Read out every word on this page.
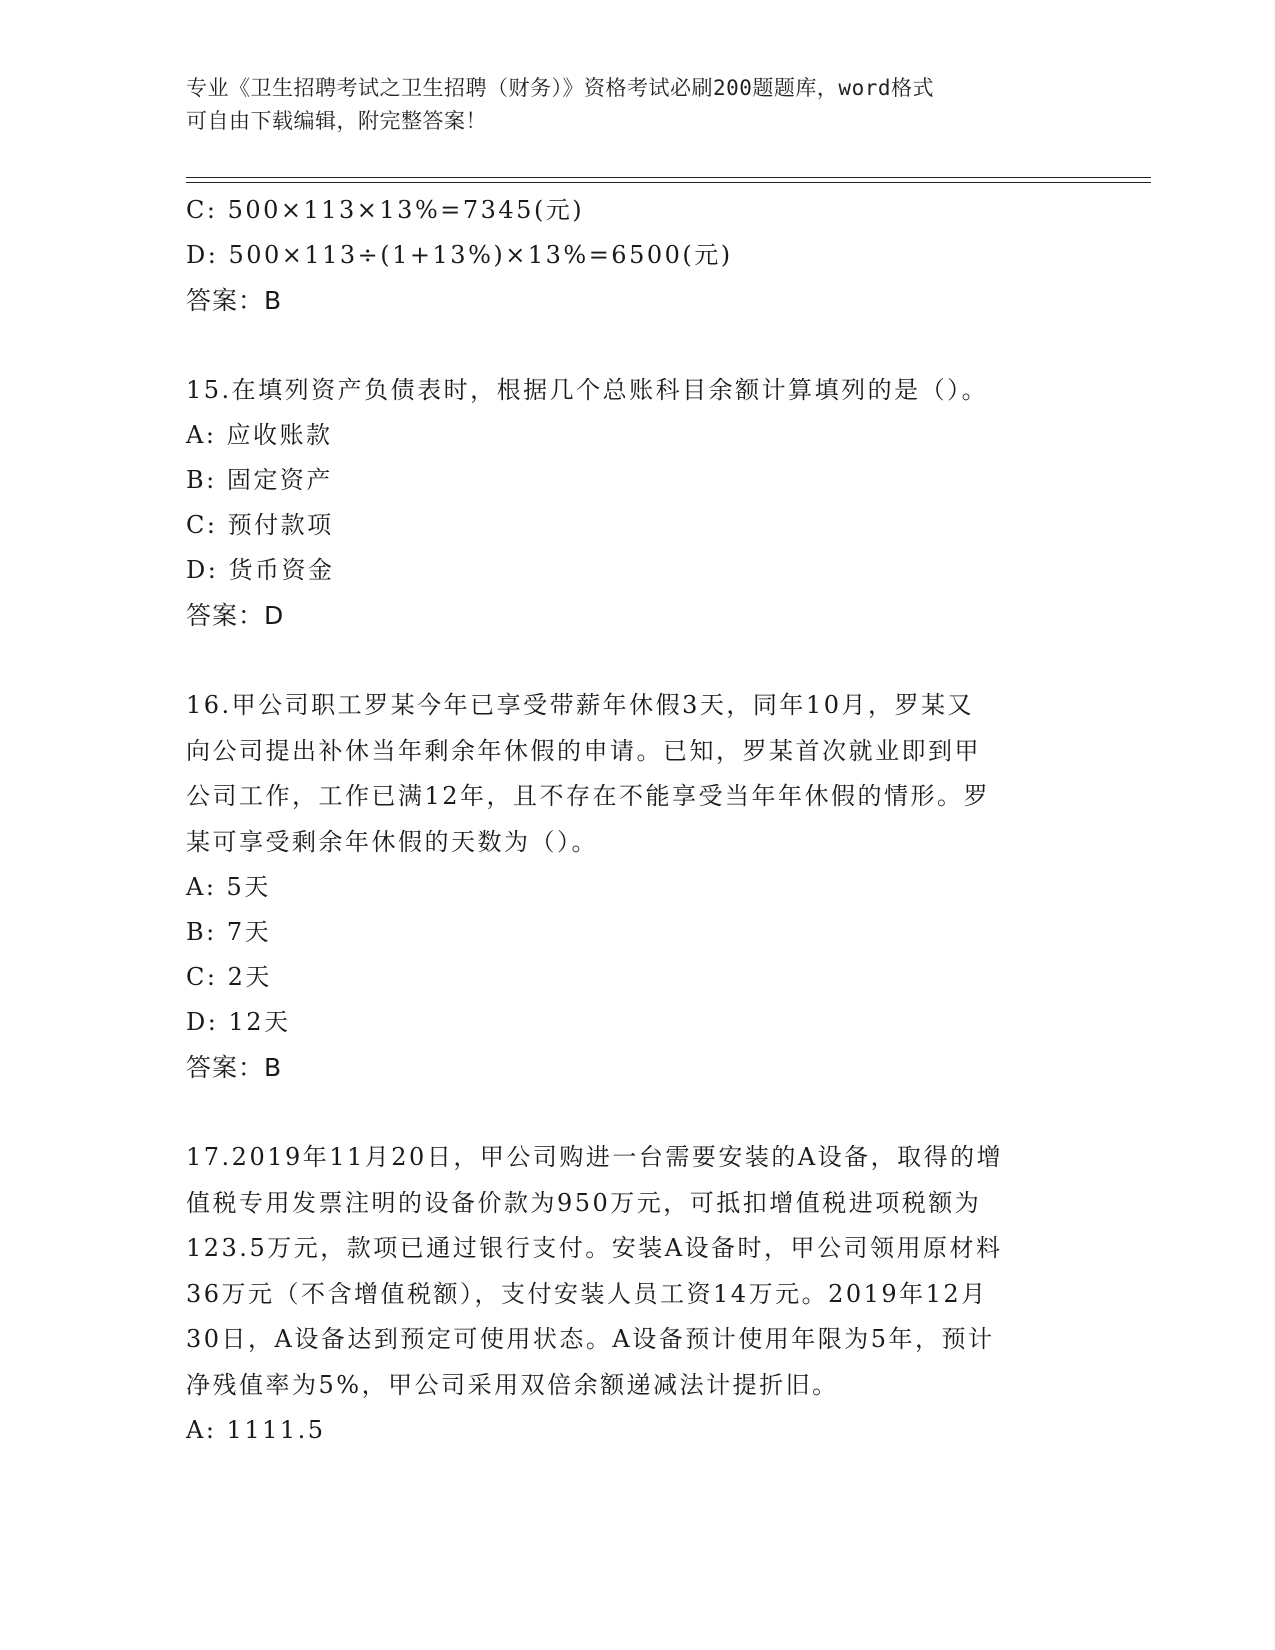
专业《卫生招聘考试之卫生招聘（财务）》资格考试必刷200题题库，word格式
可自由下载编辑，附完整答案！
C: 500×113×13%=7345(元)
D: 500×113÷(1+13%)×13%=6500(元)
答案：B
15.在填列资产负债表时，根据几个总账科目余额计算填列的是（）。
A: 应收账款
B: 固定资产
C: 预付款项
D: 货币资金
答案：D
16.甲公司职工罗某今年已享受带薪年休假3天，同年10月，罗某又
向公司提出补休当年剩余年休假的申请。已知，罗某首次就业即到甲
公司工作，工作已满12年，且不存在不能享受当年年休假的情形。罗
某可享受剩余年休假的天数为（）。
A: 5天
B: 7天
C: 2天
D: 12天
答案：B
17.2019年11月20日，甲公司购进一台需要安装的A设备，取得的增
值税专用发票注明的设备价款为950万元，可抵扣增值税进项税额为
123.5万元，款项已通过银行支付。安装A设备时，甲公司领用原材料
36万元（不含增值税额），支付安装人员工资14万元。2019年12月
30日，A设备达到预定可使用状态。A设备预计使用年限为5年，预计
净残值率为5%，甲公司采用双倍余额递减法计提折旧。
A: 1111.5
